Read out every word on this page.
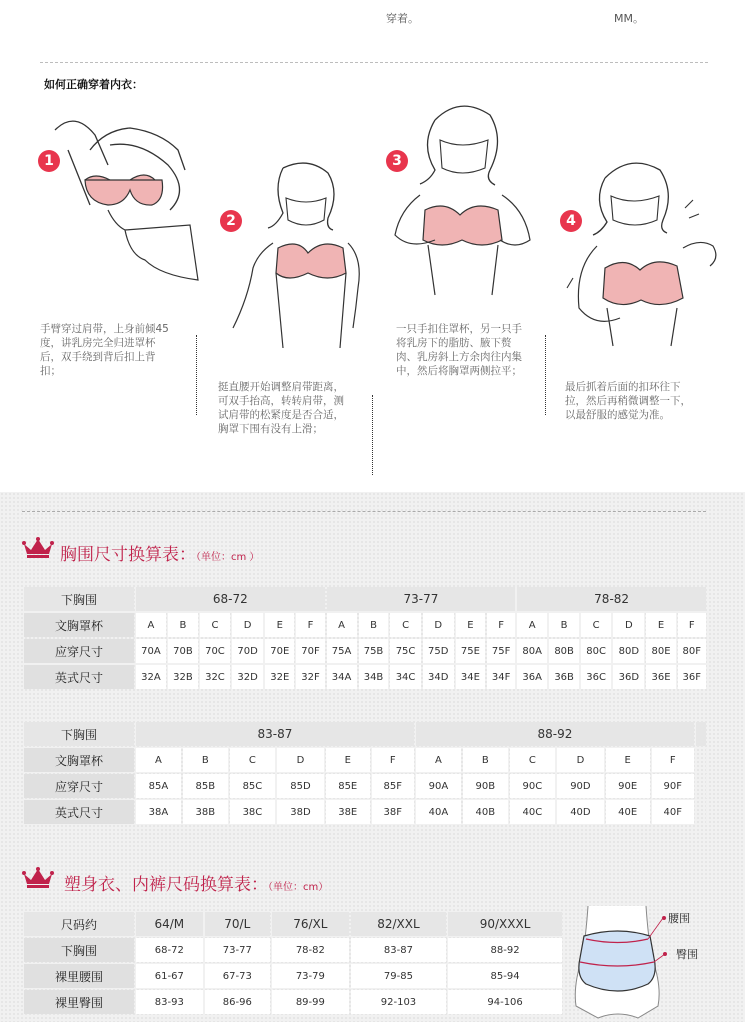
穿着。	MM。
如何正确穿着内衣：
1
手臂穿过肩带，上身前倾45度，讲乳房完全归进罩杯后，双手绕到背后扣上背扣；
2
挺直腰开始调整肩带距离，可双手抬高，转转肩带，测试肩带的松紧度是否合适，胸罩下围有没有上滑；
3
一只手扣住罩杯，另一只手将乳房下的脂肪、腋下赘肉、乳房斜上方余肉往内集中，然后将胸罩两侧拉平；
4
最后抓着后面的扣环往下拉，然后再稍微调整一下，以最舒服的感觉为准。
胸围尺寸换算表：（单位：cm ）
下胸围	68-72						73-77						78-82					
文胸罩杯	A	B	C	D	E	F	A	B	C	D	E	F	A	B	C	D	E	F
应穿尺寸	70A	70B	70C	70D	70E	70F	75A	75B	75C	75D	75E	75F	80A	80B	80C	80D	80E	80F
英式尺寸	32A	32B	32C	32D	32E	32F	34A	34B	34C	34D	34E	34F	36A	36B	36C	36D	36E	36F
下胸围	83-87						88-92											
文胸罩杯	A	B	C	D	E	F	A	B	C	D	E	F						
应穿尺寸	85A	85B	85C	85D	85E	85F	90A	90B	90C	90D	90E	90F						
英式尺寸	38A	38B	38C	38D	38E	38F	40A	40B	40C	40D	40E	40F						
塑身衣、内裤尺码换算表：（单位：cm）
尺码约	64/M	70/L	76/XL	82/XXL	90/XXXL
下胸围	68-72	73-77	78-82	83-87	88-92
裸里腰围	61-67	67-73	73-79	79-85	85-94
裸里臀围	83-93	86-96	89-99	92-103	94-106
腰围
臀围
